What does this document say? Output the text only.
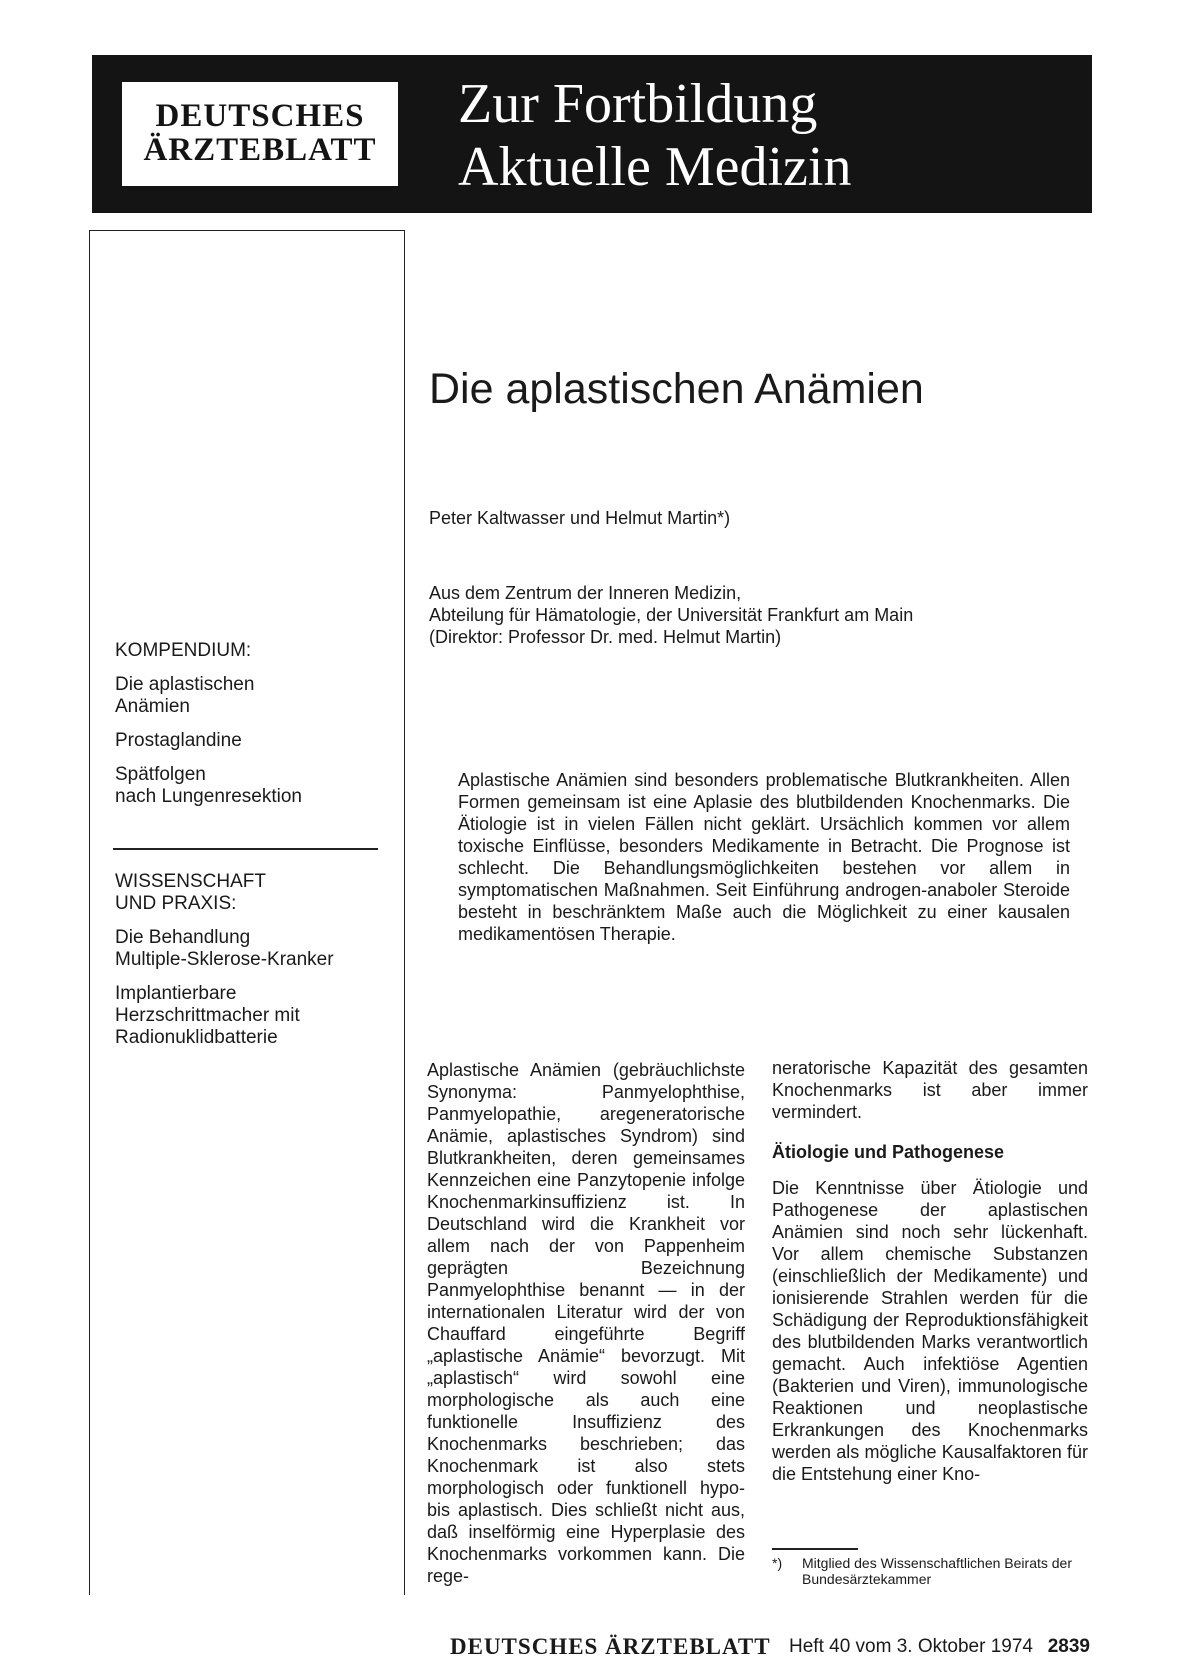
DEUTSCHES
ÄRZTEBLATT
Zur Fortbildung
Aktuelle Medizin
KOMPENDIUM:
Die aplastischen
Anämien
Prostaglandine
Spätfolgen
nach Lungenresektion
WISSENSCHAFT
UND PRAXIS:
Die Behandlung
Multiple-Sklerose-Kranker
Implantierbare
Herzschrittmacher mit
Radionuklidbatterie
Die aplastischen Anämien
Peter Kaltwasser und Helmut Martin*)
Aus dem Zentrum der Inneren Medizin,
Abteilung für Hämatologie, der Universität Frankfurt am Main
(Direktor: Professor Dr. med. Helmut Martin)
Aplastische Anämien sind besonders problematische Blutkrankheiten. Allen Formen gemeinsam ist eine Aplasie des blutbildenden Knochenmarks. Die Ätiologie ist in vielen Fällen nicht geklärt. Ursächlich kommen vor allem toxische Einflüsse, besonders Medikamente in Betracht. Die Prognose ist schlecht. Die Behandlungsmöglichkeiten bestehen vor allem in symptomatischen Maßnahmen. Seit Einführung androgen-anaboler Steroide besteht in beschränktem Maße auch die Möglichkeit zu einer kausalen medikamentösen Therapie.

Aplastische Anämien (gebräuchlichste Synonyma: Panmyelophthise, Panmyelopathie, aregeneratorische Anämie, aplastisches Syndrom) sind Blutkrankheiten, deren gemeinsames Kennzeichen eine Panzytopenie infolge Knochenmarkinsuffizienz ist. In Deutschland wird die Krankheit vor allem nach der von Pappenheim geprägten Bezeichnung Panmyelophthise benannt — in der internationalen Literatur wird der von Chauffard eingeführte Begriff „aplastische Anämie“ bevorzugt. Mit „aplastisch“ wird sowohl eine morphologische als auch eine funktionelle Insuffizienz des Knochenmarks beschrieben; das Knochenmark ist also stets morphologisch oder funktionell hypo- bis aplastisch. Dies schließt nicht aus, daß inselförmig eine Hyperplasie des Knochenmarks vorkommen kann. Die rege-

neratorische Kapazität des gesamten Knochenmarks ist aber immer vermindert.

Ätiologie und Pathogenese

Die Kenntnisse über Ätiologie und Pathogenese der aplastischen Anämien sind noch sehr lückenhaft. Vor allem chemische Substanzen (einschließlich der Medikamente) und ionisierende Strahlen werden für die Schädigung der Reproduktionsfähigkeit des blutbildenden Marks verantwortlich gemacht. Auch infektiöse Agentien (Bakterien und Viren), immunologische Reaktionen und neoplastische Erkrankungen des Knochenmarks werden als mögliche Kausalfaktoren für die Entstehung einer Kno-

*)	Mitglied des Wissenschaftlichen Beirats der Bundesärztekammer
DEUTSCHES ÄRZTEBLATT Heft 40 vom 3. Oktober 1974 2839
